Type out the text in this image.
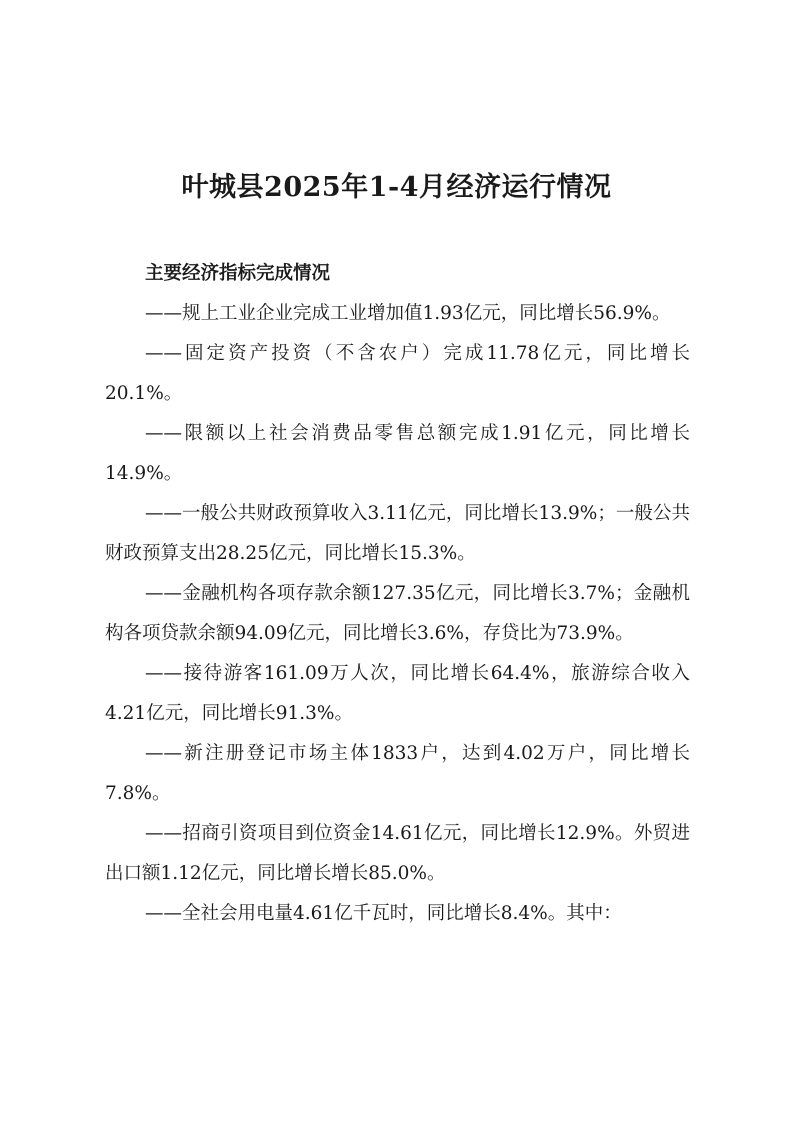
叶城县2025年1-4月经济运行情况
主要经济指标完成情况

——规上工业企业完成工业增加值1.93亿元，同比增长56.9%。

——固定资产投资（不含农户）完成11.78亿元，同比增长20.1%。

——限额以上社会消费品零售总额完成1.91亿元，同比增长14.9%。

——一般公共财政预算收入3.11亿元，同比增长13.9%；一般公共财政预算支出28.25亿元，同比增长15.3%。

——金融机构各项存款余额127.35亿元，同比增长3.7%；金融机构各项贷款余额94.09亿元，同比增长3.6%，存贷比为73.9%。

——接待游客161.09万人次，同比增长64.4%，旅游综合收入4.21亿元，同比增长91.3%。

——新注册登记市场主体1833户，达到4.02万户，同比增长7.8%。

——招商引资项目到位资金14.61亿元，同比增长12.9%。外贸进出口额1.12亿元，同比增长增长85.0%。

——全社会用电量4.61亿千瓦时，同比增长8.4%。其中：
